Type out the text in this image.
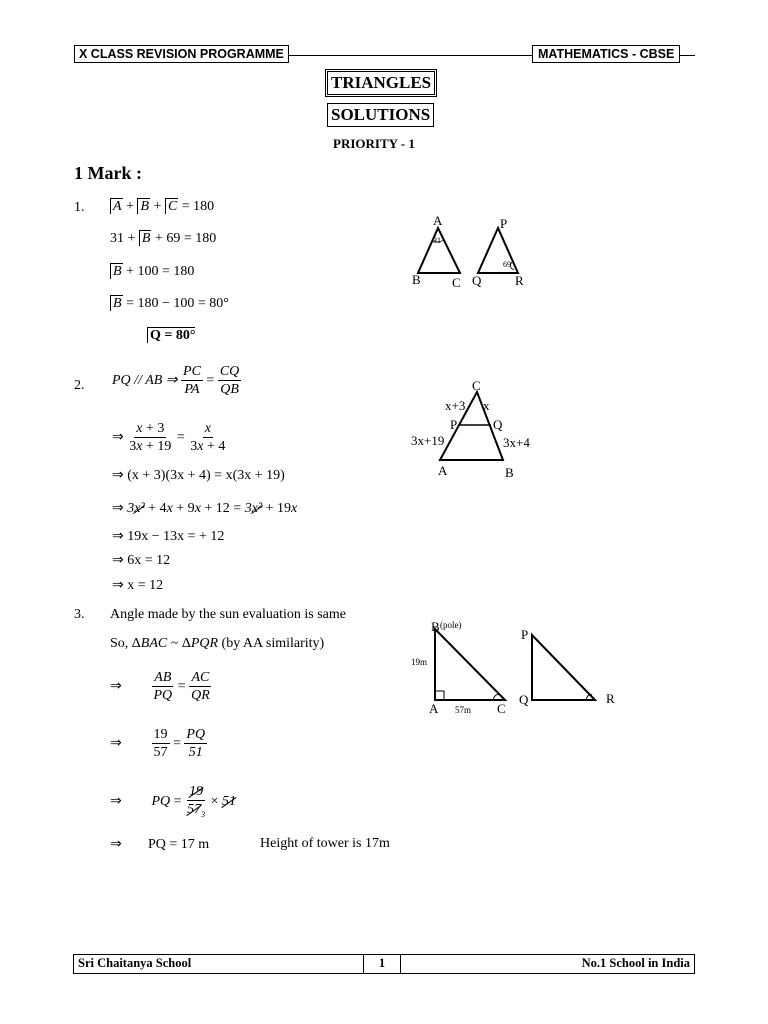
X CLASS REVISION PROGRAMME	MATHEMATICS - CBSE
TRIANGLES
SOLUTIONS
PRIORITY - 1
1 Mark :
1. A + B + C = 180
31 + B + 69 = 180
B + 100 = 180
B = 180 − 100 = 80°
Q = 80°
A
31
B C
P
69
Q	R
2. PQ // AB ⇒ $\frac{PC}{PA} = \frac{CQ}{QB}$
⇒ $\frac{x + 3}{3x + 19} = \frac{x}{3x + 4}$
⇒ (x + 3)(3x + 4) = x(3x + 19)
⇒ 3x² + 4x + 9x + 12 = 3x² + 19x
⇒ 19x − 13x = + 12
⇒ 6x = 12
⇒ x = 12
C
x+3 x
P	Q
3x+19	3x+4
A	B
3. Angle made by the sun evaluation is same
So, ΔBAC ~ ΔPQR (by AA similarity)
⇒ $\frac{AB}{PQ} = \frac{AC}{QR}$
⇒ $\frac{19}{57} = \frac{PQ}{51}$
⇒ PQ = $\frac{19}{57_3} \times 51$
⇒ PQ = 17 m	Height of tower is 17m
B (pole)
19m
A 57m C
P
Q	R
Sri Chaitanya School	1	No.1 School in India
